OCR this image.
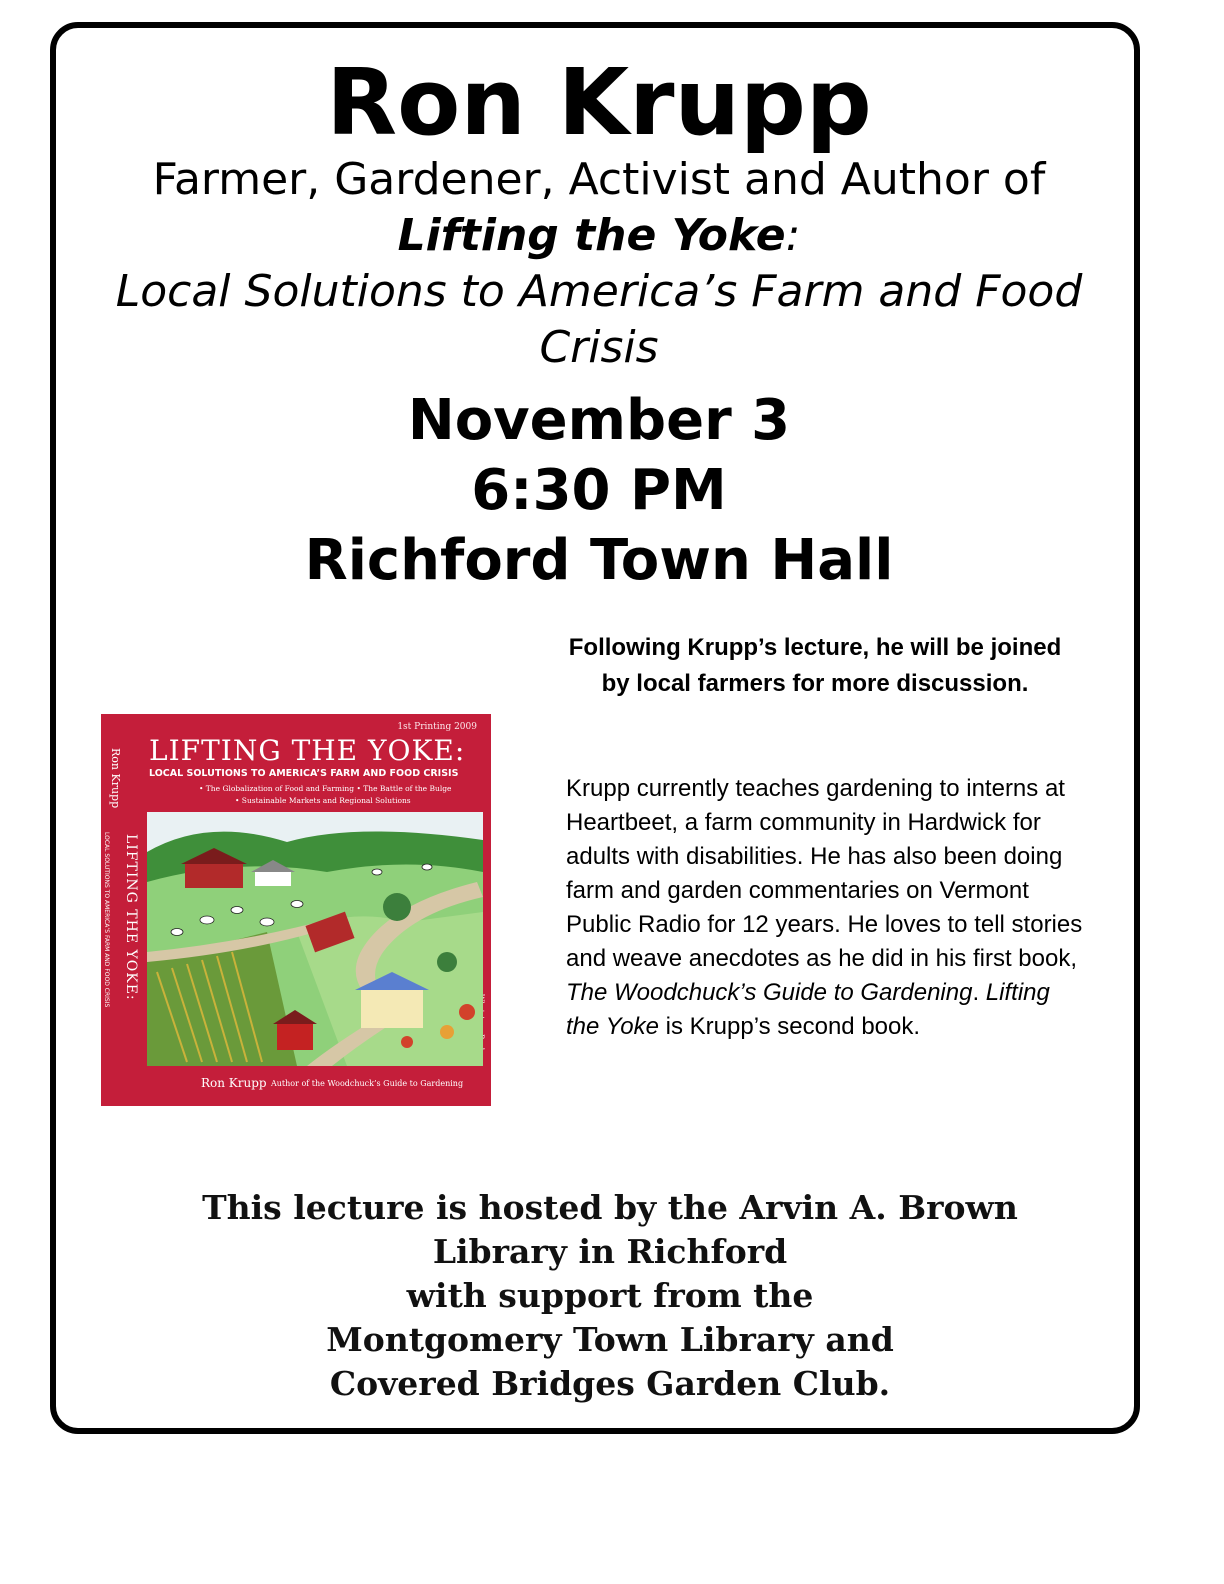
Ron Krupp
Farmer, Gardener, Activist and Author of
Lifting the Yoke:
Local Solutions to America’s Farm and Food Crisis
November 3
6:30 PM
Richford Town Hall
Following Krupp’s lecture, he will be joined by local farmers for more discussion.
Krupp currently teaches gardening to interns at Heartbeet, a farm community in Hardwick for adults with disabilities. He has also been doing farm and garden commentaries on Vermont Public Radio for 12 years. He loves to tell stories and weave anecdotes as he did in his first book, The Woodchuck’s Guide to Gardening. Lifting the Yoke is Krupp’s second book.
This lecture is hosted by the Arvin A. Brown
Library in Richford
with support from the
Montgomery Town Library and
Covered Bridges Garden Club.
1st Printing 2009
LIFTING THE YOKE:
LOCAL SOLUTIONS TO AMERICA’S FARM AND FOOD CRISIS
• The Globalization of Food and Farming • The Battle of the Bulge
• Sustainable Markets and Regional Solutions
Ron Krupp
LIFTING THE YOKE:
LOCAL SOLUTIONS TO AMERICA’S FARM AND FOOD CRISIS
Ron Krupp Author of the Woodchuck’s Guide to Gardening
